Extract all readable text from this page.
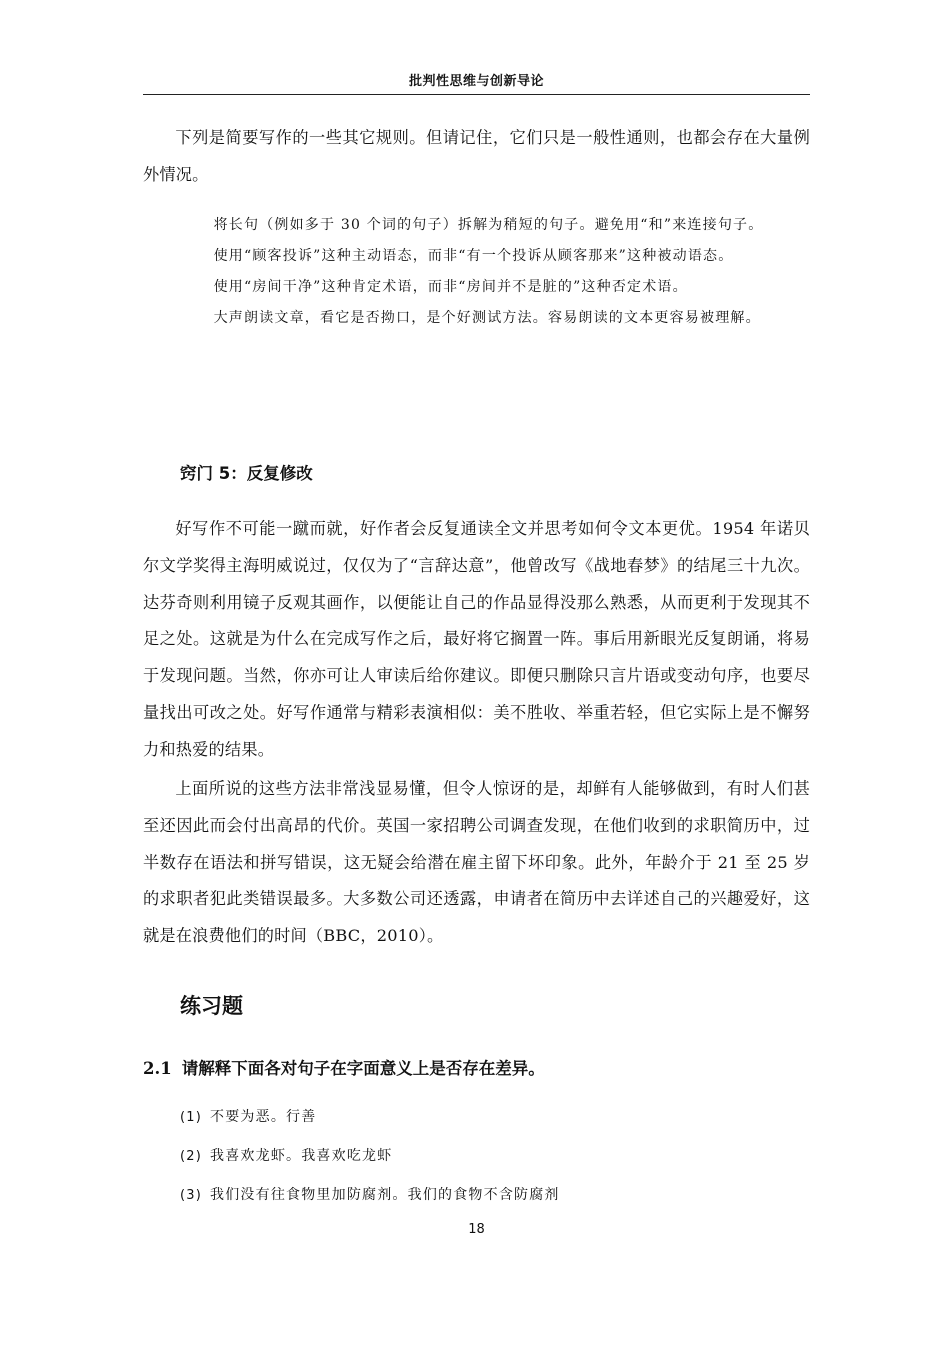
批判性思维与创新导论

下列是简要写作的一些其它规则。但请记住，它们只是一般性通则，也都会存在大量例外情况。

将长句（例如多于 30 个词的句子）拆解为稍短的句子。避免用“和”来连接句子。

使用“顾客投诉”这种主动语态，而非“有一个投诉从顾客那来”这种被动语态。

使用“房间干净”这种肯定术语，而非“房间并不是脏的”这种否定术语。

大声朗读文章，看它是否拗口，是个好测试方法。容易朗读的文本更容易被理解。

窍门 5：反复修改

好写作不可能一蹴而就，好作者会反复通读全文并思考如何令文本更优。1954 年诺贝尔文学奖得主海明威说过，仅仅为了“言辞达意”，他曾改写《战地春梦》的结尾三十九次。达芬奇则利用镜子反观其画作，以便能让自己的作品显得没那么熟悉，从而更利于发现其不足之处。这就是为什么在完成写作之后，最好将它搁置一阵。事后用新眼光反复朗诵，将易于发现问题。当然，你亦可让人审读后给你建议。即便只删除只言片语或变动句序，也要尽量找出可改之处。好写作通常与精彩表演相似：美不胜收、举重若轻，但它实际上是不懈努力和热爱的结果。

上面所说的这些方法非常浅显易懂，但令人惊讶的是，却鲜有人能够做到，有时人们甚至还因此而会付出高昂的代价。英国一家招聘公司调查发现，在他们收到的求职简历中，过半数存在语法和拼写错误，这无疑会给潜在雇主留下坏印象。此外，年龄介于 21 至 25 岁的求职者犯此类错误最多。大多数公司还透露，申请者在简历中去详述自己的兴趣爱好，这就是在浪费他们的时间（BBC，2010）。

练习题
2.1 请解释下面各对句子在字面意义上是否存在差异。

(1) 不要为恶。行善

(2) 我喜欢龙虾。我喜欢吃龙虾

(3) 我们没有往食物里加防腐剂。我们的食物不含防腐剂

18
